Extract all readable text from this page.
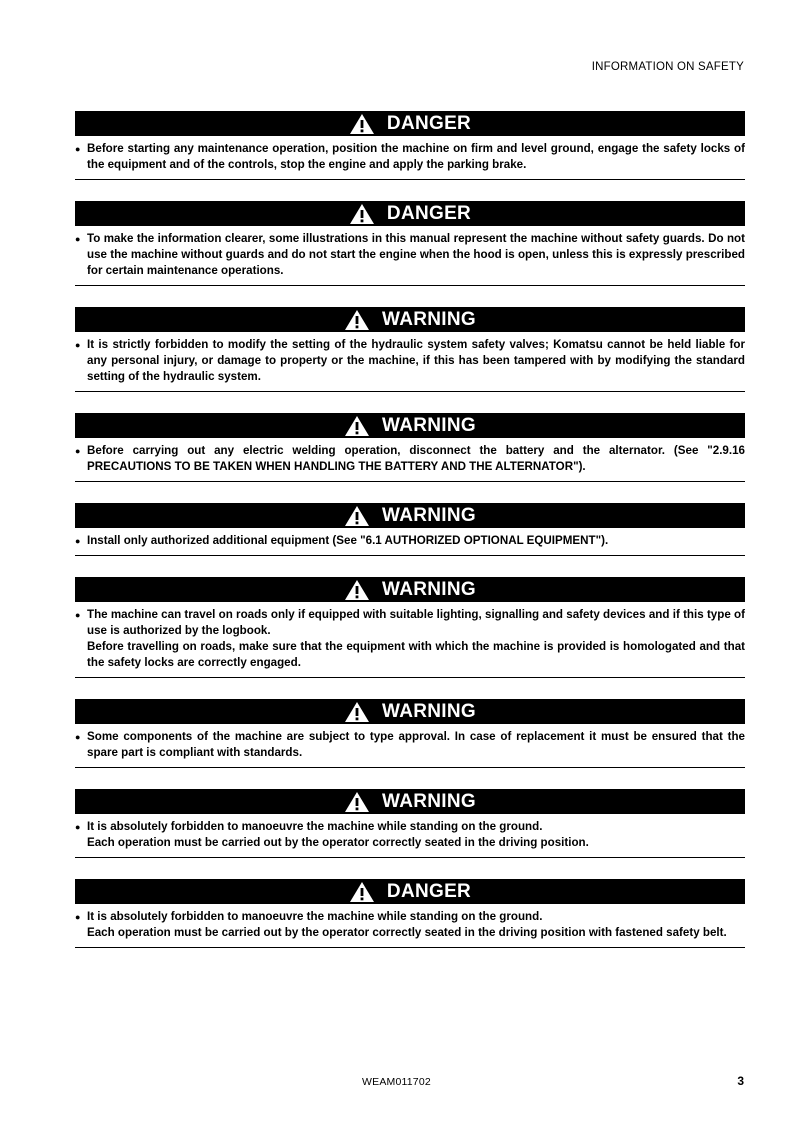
INFORMATION ON SAFETY
DANGER
● Before starting any maintenance operation, position the machine on firm and level ground, engage the safety locks of the equipment and of the controls, stop the engine and apply the parking brake.

DANGER
● To make the information clearer, some illustrations in this manual represent the machine without safety guards. Do not use the machine without guards and do not start the engine when the hood is open, unless this is expressly prescribed for certain maintenance operations.

WARNING
● It is strictly forbidden to modify the setting of the hydraulic system safety valves; Komatsu cannot be held liable for any personal injury, or damage to property or the machine, if this has been tampered with by modifying the standard setting of the hydraulic system.

WARNING
● Before carrying out any electric welding operation, disconnect the battery and the alternator. (See "2.9.16 PRECAUTIONS TO BE TAKEN WHEN HANDLING THE BATTERY AND THE ALTERNATOR").

WARNING
● Install only authorized additional equipment (See "6.1 AUTHORIZED OPTIONAL EQUIPMENT").

WARNING
● The machine can travel on roads only if equipped with suitable lighting, signalling and safety devices and if this type of use is authorized by the logbook.

Before travelling on roads, make sure that the equipment with which the machine is provided is homologated and that the safety locks are correctly engaged.

WARNING
● Some components of the machine are subject to type approval. In case of replacement it must be ensured that the spare part is compliant with standards.

WARNING
● It is absolutely forbidden to manoeuvre the machine while standing on the ground.

Each operation must be carried out by the operator correctly seated in the driving position.

DANGER
● It is absolutely forbidden to manoeuvre the machine while standing on the ground.

Each operation must be carried out by the operator correctly seated in the driving position with fastened safety belt.

WEAM011702	3
